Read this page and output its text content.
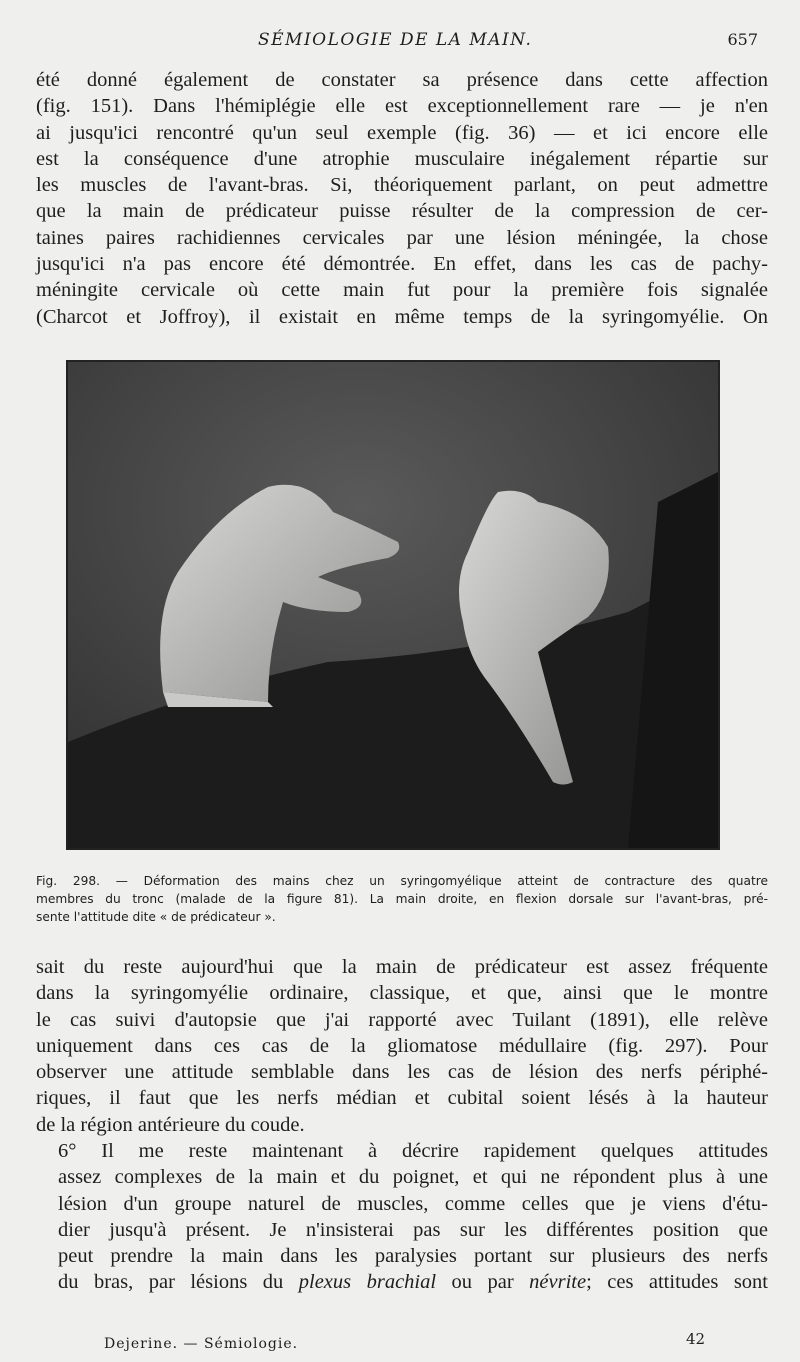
SÉMIOLOGIE DE LA MAIN.	657
été donné également de constater sa présence dans cette affection
(fig. 151). Dans l'hémiplégie elle est exceptionnellement rare — je n'en
ai jusqu'ici rencontré qu'un seul exemple (fig. 36) — et ici encore elle
est la conséquence d'une atrophie musculaire inégalement répartie sur
les muscles de l'avant-bras. Si, théoriquement parlant, on peut admettre
que la main de prédicateur puisse résulter de la compression de cer-
taines paires rachidiennes cervicales par une lésion méningée, la chose
jusqu'ici n'a pas encore été démontrée. En effet, dans les cas de pachy-
méningite cervicale où cette main fut pour la première fois signalée
(Charcot et Joffroy), il existait en même temps de la syringomyélie. On
Fig. 298. — Déformation des mains chez un syringomyélique atteint de contracture des quatre
membres du tronc (malade de la figure 81). La main droite, en flexion dorsale sur l'avant-bras, pré-
sente l'attitude dite « de prédicateur ».
sait du reste aujourd'hui que la main de prédicateur est assez fréquente
dans la syringomyélie ordinaire, classique, et que, ainsi que le montre
le cas suivi d'autopsie que j'ai rapporté avec Tuilant (1891), elle relève
uniquement dans ces cas de la gliomatose médullaire (fig. 297). Pour
observer une attitude semblable dans les cas de lésion des nerfs périphé-
riques, il faut que les nerfs médian et cubital soient lésés à la hauteur
de la région antérieure du coude.
6° Il me reste maintenant à décrire rapidement quelques attitudes
assez complexes de la main et du poignet, et qui ne répondent plus à une
lésion d'un groupe naturel de muscles, comme celles que je viens d'étu-
dier jusqu'à présent. Je n'insisterai pas sur les différentes position que
peut prendre la main dans les paralysies portant sur plusieurs des nerfs
du bras, par lésions du plexus brachial ou par névrite; ces attitudes sont
Dejerine. — Sémiologie.	42
